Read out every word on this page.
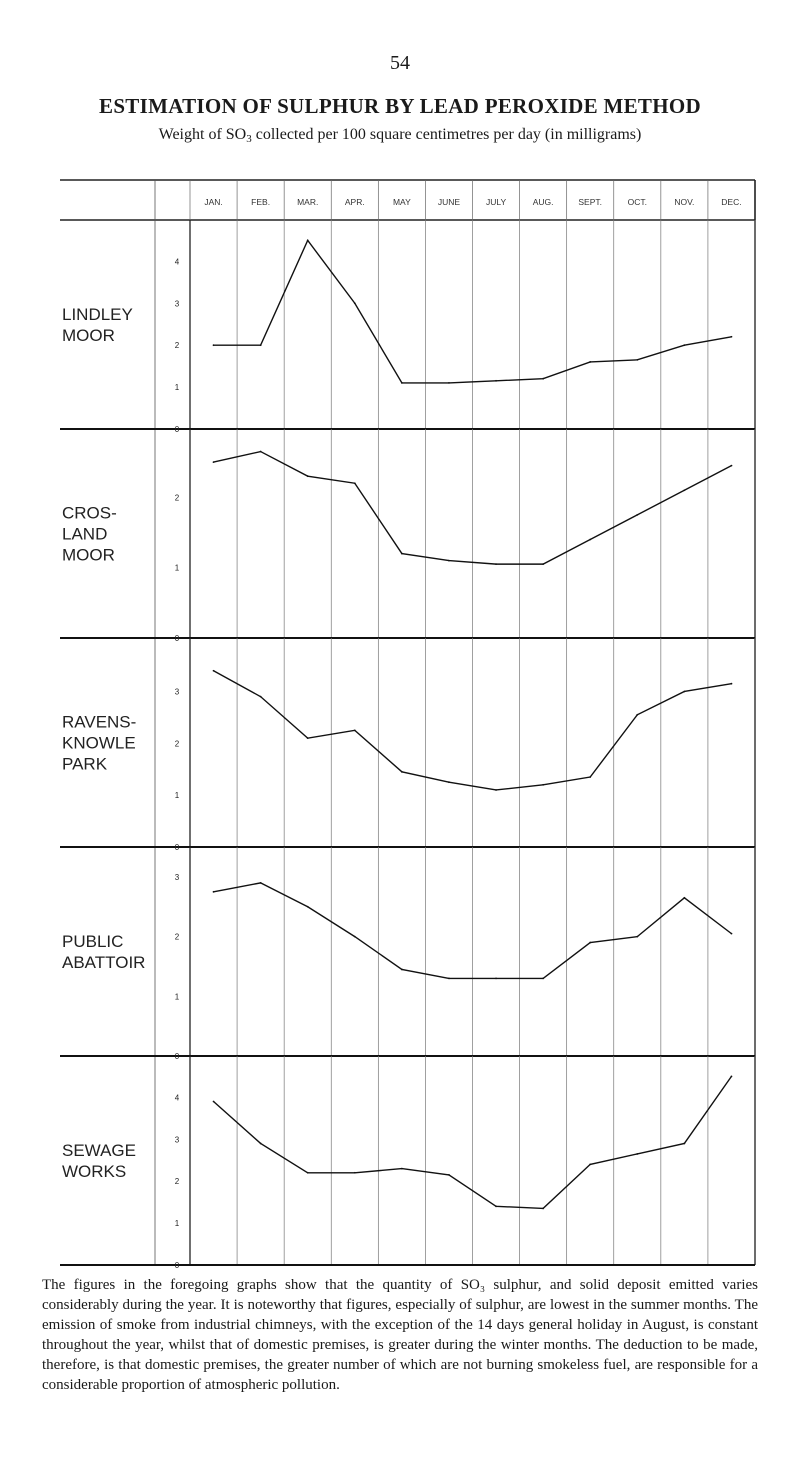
54
ESTIMATION OF SULPHUR BY LEAD PEROXIDE METHOD
Weight of $SO_3$ collected per 100 square centimetres per day (in milligrams)
JAN.	FEB.	MAR.	APR.	MAY	JUNE	JULY	AUG.	SEPT.	OCT.	NOV.	DEC.
0
1
2
3
4
LINDLEY
MOOR
0
1
2
CROS-
LAND
MOOR
0
1
2
3
RAVENS-
KNOWLE
PARK
0
1
2
3
PUBLIC
ABATTOIR
0
1
2
3
4
SEWAGE
WORKS
The figures in the foregoing graphs show that the quantity of SO₃ sulphur, and solid deposit emitted varies considerably during the year. It is noteworthy that figures, especially of sulphur, are lowest in the summer months. The emission of smoke from industrial chimneys, with the exception of the 14 days general holiday in August, is constant throughout the year, whilst that of domestic premises, is greater during the winter months. The deduction to be made, therefore, is that domestic premises, the greater number of which are not burning smokeless fuel, are responsible for a considerable proportion of atmospheric pollution.
